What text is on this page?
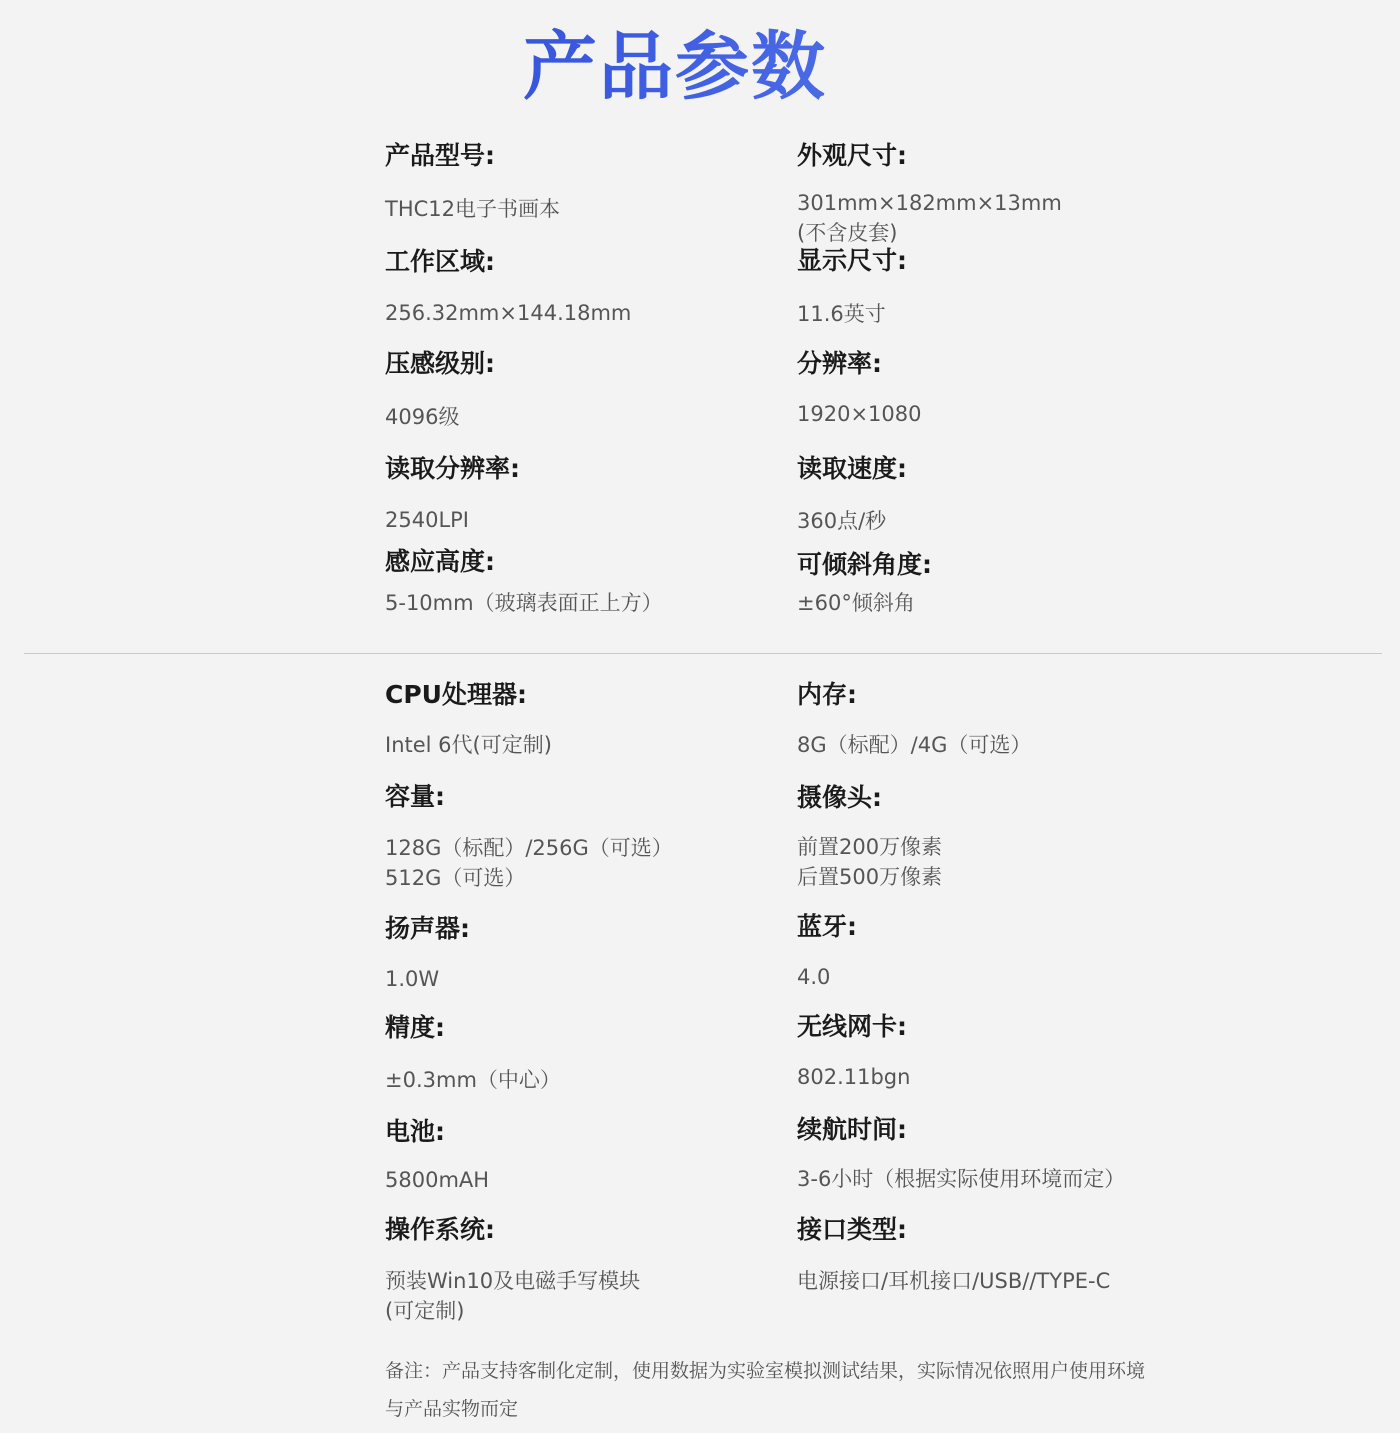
产品参数
产品型号:
THC12电子书画本
工作区域:
256.32mm×144.18mm
压感级别:
4096级
读取分辨率:
2540LPI
感应高度:
5-10mm（玻璃表面正上方）
外观尺寸:
301mm×182mm×13mm
(不含皮套)
显示尺寸:
11.6英寸
分辨率:
1920×1080
读取速度:
360点/秒
可倾斜角度:
±60°倾斜角
CPU处理器:
Intel 6代(可定制)
容量:
128G（标配）/256G（可选）
512G（可选）
扬声器:
1.0W
精度:
±0.3mm（中心）
电池:
5800mAH
操作系统:
预装Win10及电磁手写模块
(可定制)
内存:
8G（标配）/4G（可选）
摄像头:
前置200万像素
后置500万像素
蓝牙:
4.0
无线网卡:
802.11bgn
续航时间:
3-6小时（根据实际使用环境而定）
接口类型:
电源接口/耳机接口/USB//TYPE-C
备注：产品支持客制化定制，使用数据为实验室模拟测试结果，实际情况依照用户使用环境与产品实物而定
